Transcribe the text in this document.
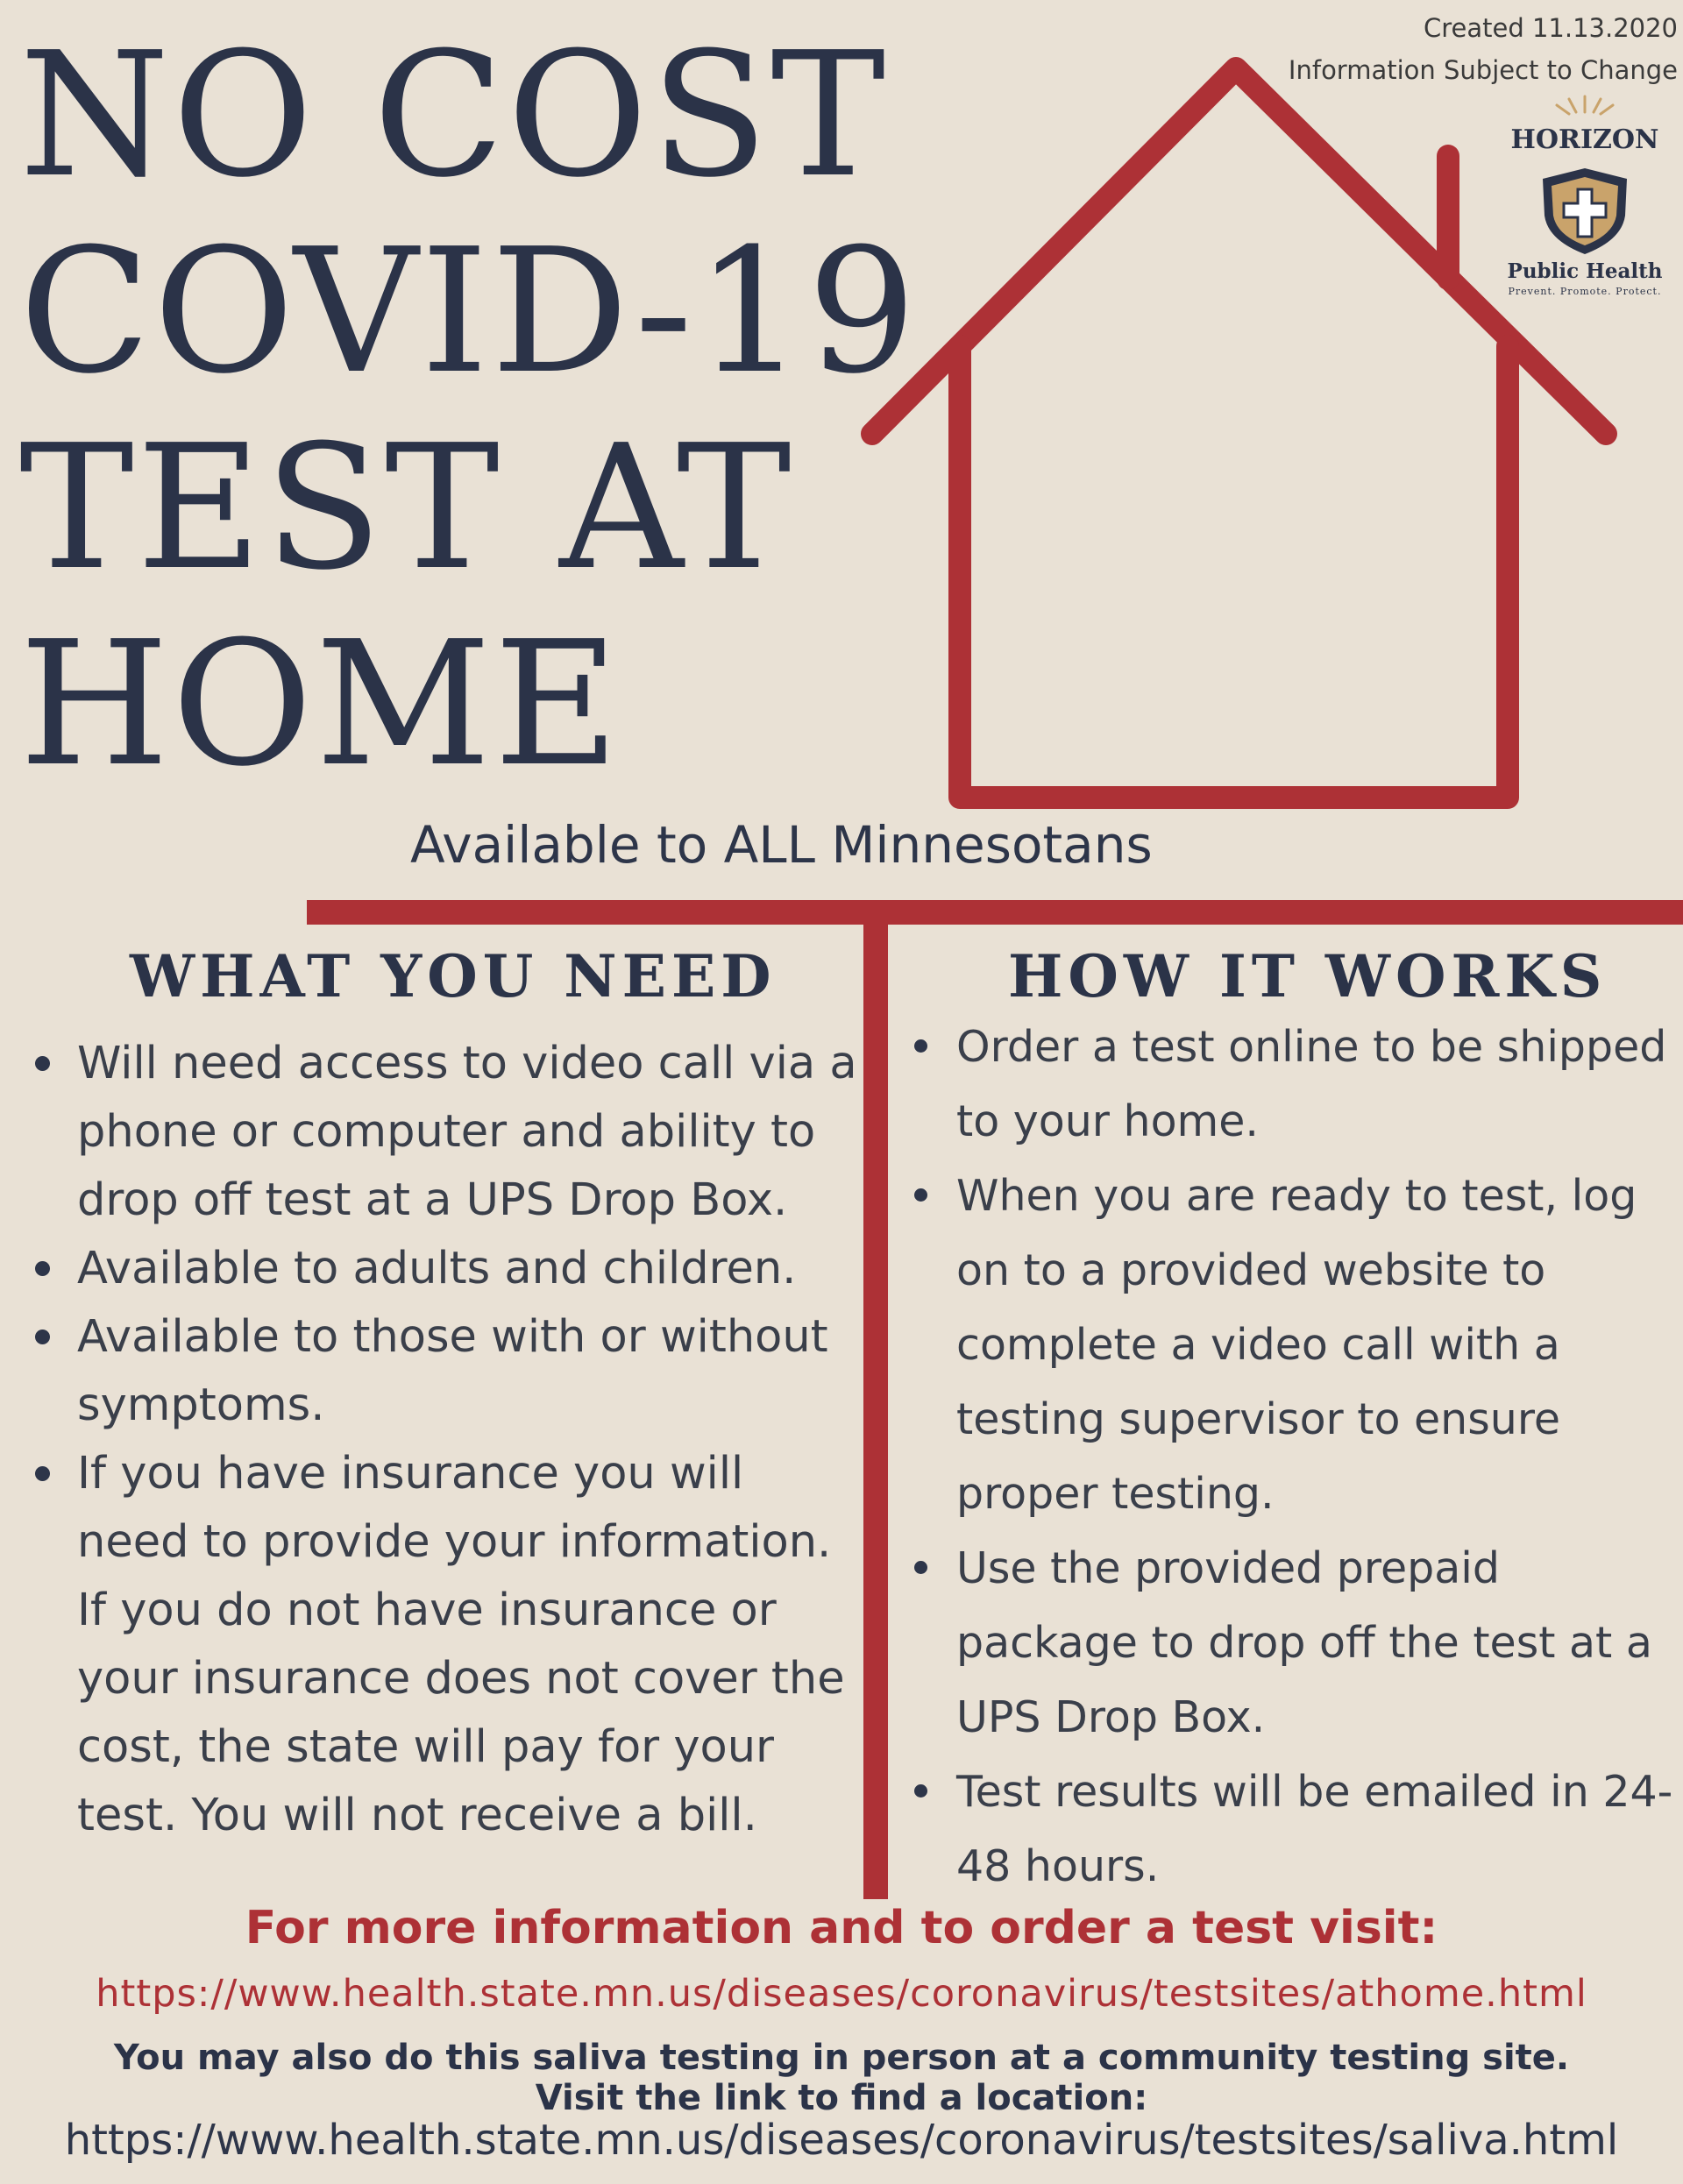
NO COST
COVID-19
TEST AT
HOME
Created 11.13.2020
Information Subject to Change
HORIZON
Public Health
Prevent. Promote. Protect.
Available to ALL Minnesotans
WHAT YOU NEED
Will need access to video call via a phone or computer and ability to drop off test at a UPS Drop Box.
Available to adults and children.
Available to those with or without symptoms.
If you have insurance you will need to provide your information. If you do not have insurance or your insurance does not cover the cost, the state will pay for your test. You will not receive a bill.
HOW IT WORKS
Order a test online to be shipped to your home.
When you are ready to test, log on to a provided website to complete a video call with a testing supervisor to ensure proper testing.
Use the provided prepaid package to drop off the test at a UPS Drop Box.
Test results will be emailed in 24-48 hours.
For more information and to order a test visit:
https://www.health.state.mn.us/diseases/coronavirus/testsites/athome.html
You may also do this saliva testing in person at a community testing site.
Visit the link to find a location:
https://www.health.state.mn.us/diseases/coronavirus/testsites/saliva.html
